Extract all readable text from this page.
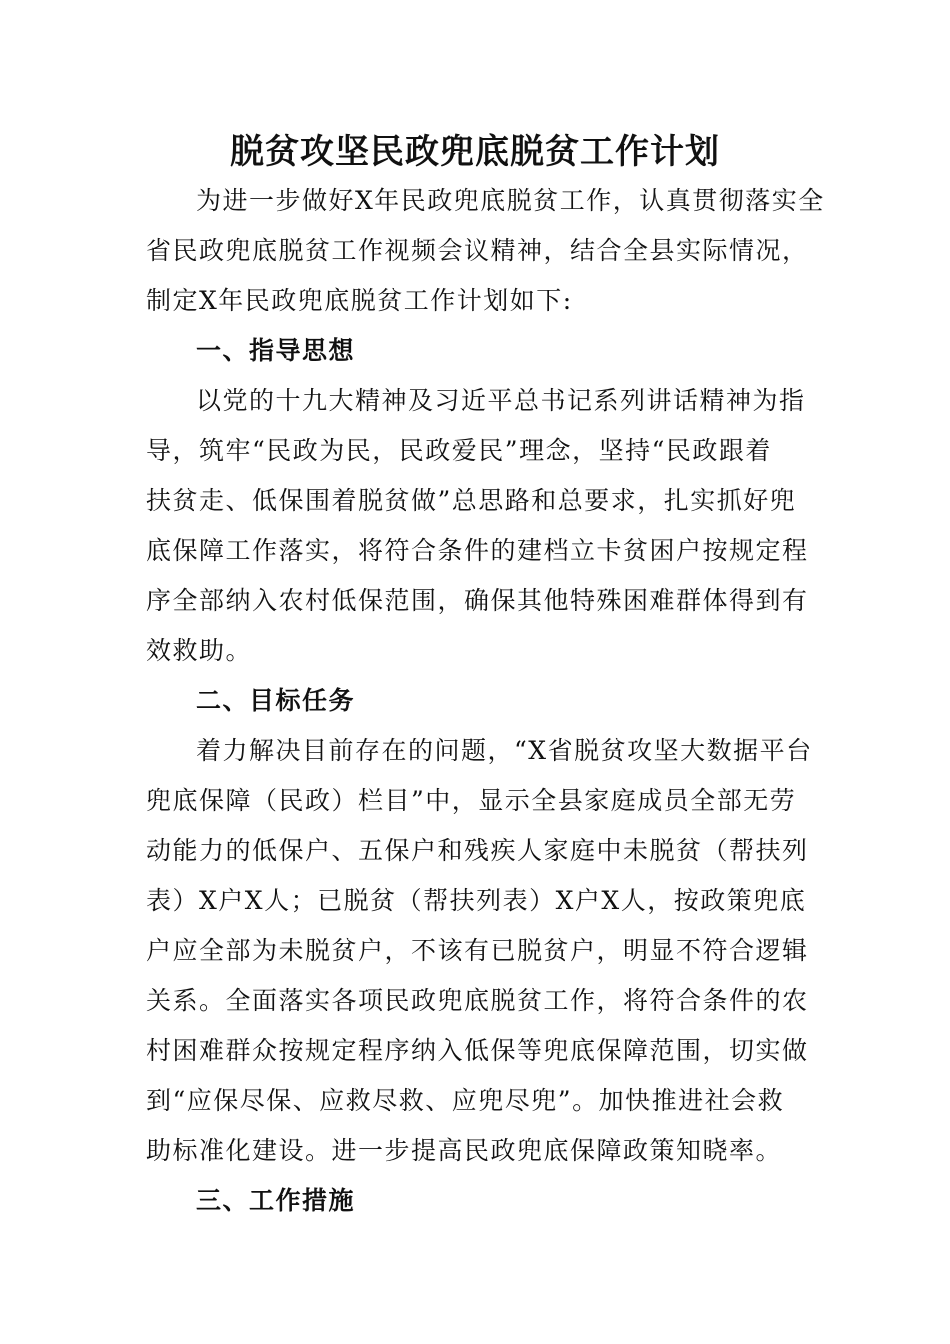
脱贫攻坚民政兜底脱贫工作计划
为进一步做好X年民政兜底脱贫工作，认真贯彻落实全
省民政兜底脱贫工作视频会议精神，结合全县实际情况，
制定X年民政兜底脱贫工作计划如下:
一、指导思想
以党的十九大精神及习近平总书记系列讲话精神为指
导，筑牢“民政为民，民政爱民”理念，坚持“民政跟着
扶贫走、低保围着脱贫做”总思路和总要求，扎实抓好兜
底保障工作落实，将符合条件的建档立卡贫困户按规定程
序全部纳入农村低保范围，确保其他特殊困难群体得到有
效救助。
二、目标任务
着力解决目前存在的问题，“X省脱贫攻坚大数据平台
兜底保障（民政）栏目”中，显示全县家庭成员全部无劳
动能力的低保户、五保户和残疾人家庭中未脱贫（帮扶列
表）X户X人；已脱贫（帮扶列表）X户X人，按政策兜底
户应全部为未脱贫户，不该有已脱贫户，明显不符合逻辑
关系。全面落实各项民政兜底脱贫工作，将符合条件的农
村困难群众按规定程序纳入低保等兜底保障范围，切实做
到“应保尽保、应救尽救、应兜尽兜”。加快推进社会救
助标准化建设。进一步提高民政兜底保障政策知晓率。
三、工作措施
